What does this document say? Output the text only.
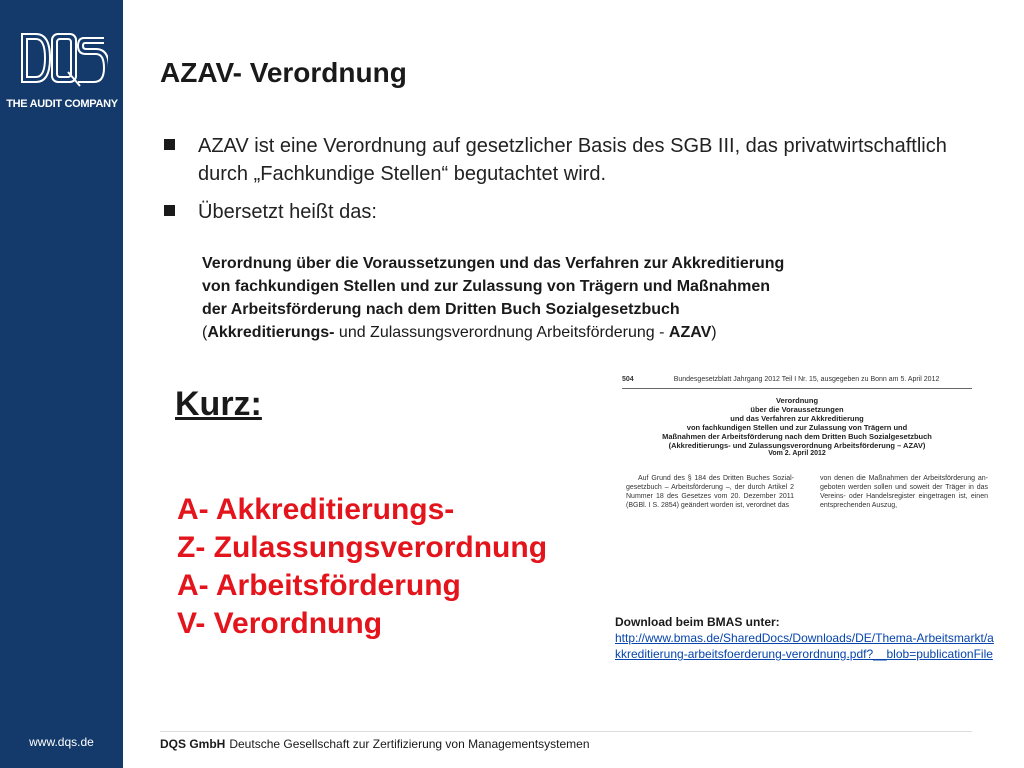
THE AUDIT COMPANY
www.dqs.de
AZAV- Verordnung
AZAV ist eine Verordnung auf gesetzlicher Basis des SGB III, das privatwirtschaftlich durch „Fachkundige Stellen“ begutachtet wird.
Übersetzt heißt das:
Verordnung über die Voraussetzungen und das Verfahren zur Akkreditierung
von fachkundigen Stellen und zur Zulassung von Trägern und Maßnahmen
der Arbeitsförderung nach dem Dritten Buch Sozialgesetzbuch
(Akkreditierungs- und Zulassungsverordnung Arbeitsförderung - AZAV)
Kurz:
A- Akkreditierungs-
Z- Zulassungsverordnung
A- Arbeitsförderung
V- Verordnung
504	Bundesgesetzblatt Jahrgang 2012 Teil I Nr. 15, ausgegeben zu Bonn am 5. April 2012
Verordnung
über die Voraussetzungen
und das Verfahren zur Akkreditierung
von fachkundigen Stellen und zur Zulassung von Trägern und
Maßnahmen der Arbeitsförderung nach dem Dritten Buch Sozialgesetzbuch
(Akkreditierungs- und Zulassungsverordnung Arbeitsförderung – AZAV)
Vom 2. April 2012
Auf Grund des § 184 des Dritten Buches Sozial-gesetzbuch – Arbeitsförderung –, der durch Artikel 2 Nummer 18 des Gesetzes vom 20. Dezember 2011 (BGBl. I S. 2854) geändert worden ist, verordnet das
von denen die Maßnahmen der Arbeitsförderung an-geboten werden sollen und soweit der Träger in das Vereins- oder Handelsregister eingetragen ist, einen entsprechenden Auszug,
Download beim BMAS unter:
http://www.bmas.de/SharedDocs/Downloads/DE/Thema-Arbeitsmarkt/akkreditierung-arbeitsfoerderung-verordnung.pdf?__blob=publicationFile
DQS GmbH Deutsche Gesellschaft zur Zertifizierung von Managementsystemen
